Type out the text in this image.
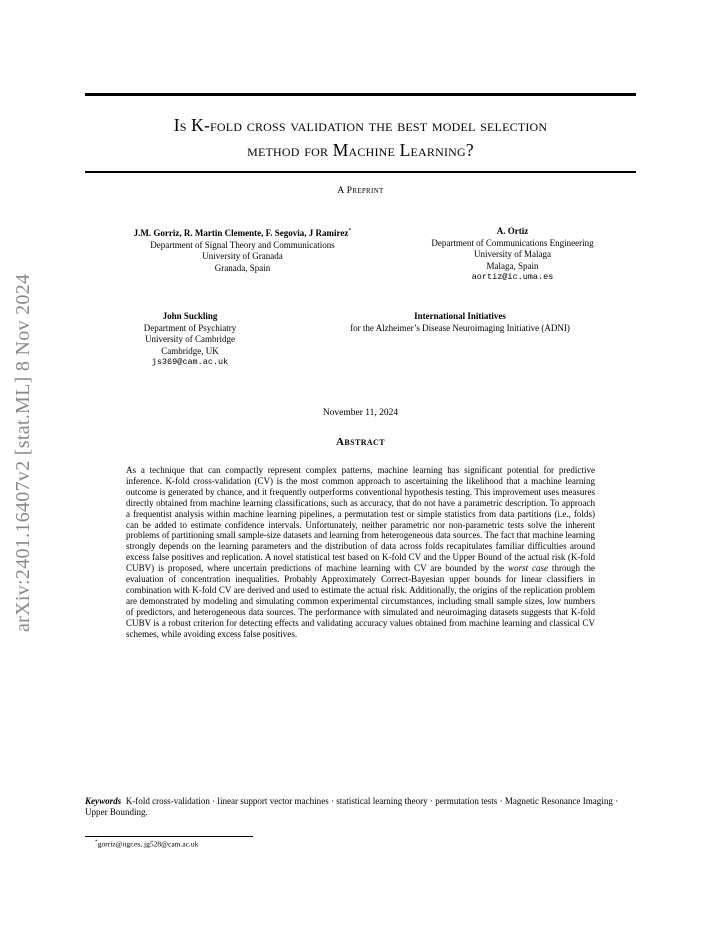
arXiv:2401.16407v2 [stat.ML] 8 Nov 2024
Is K-fold cross validation the best model selection
method for Machine Learning?
A Preprint
J.M. Gorriz, R. Martin Clemente, F. Segovia, J Ramirez*
Department of Signal Theory and Communications
University of Granada
Granada, Spain
A. Ortiz
Department of Communications Engineering
University of Malaga
Malaga, Spain
aortiz@ic.uma.es
John Suckling
Department of Psychiatry
University of Cambridge
Cambridge, UK
js369@cam.ac.uk
International Initiatives
for the Alzheimer’s Disease Neuroimaging Initiative (ADNI)
November 11, 2024
Abstract
As a technique that can compactly represent complex patterns, machine learning has significant potential for predictive inference. K-fold cross-validation (CV) is the most common approach to ascertaining the likelihood that a machine learning outcome is generated by chance, and it frequently outperforms conventional hypothesis testing. This improvement uses measures directly obtained from machine learning classifications, such as accuracy, that do not have a parametric description. To approach a frequentist analysis within machine learning pipelines, a permutation test or simple statistics from data partitions (i.e., folds) can be added to estimate confidence intervals. Unfortunately, neither parametric nor non-parametric tests solve the inherent problems of partitioning small sample-size datasets and learning from heterogeneous data sources. The fact that machine learning strongly depends on the learning parameters and the distribution of data across folds recapitulates familiar difficulties around excess false positives and replication. A novel statistical test based on K-fold CV and the Upper Bound of the actual risk (K-fold CUBV) is proposed, where uncertain predictions of machine learning with CV are bounded by the worst case through the evaluation of concentration inequalities. Probably Approximately Correct-Bayesian upper bounds for linear classifiers in combination with K-fold CV are derived and used to estimate the actual risk. Additionally, the origins of the replication problem are demonstrated by modeling and simulating common experimental circumstances, including small sample sizes, low numbers of predictors, and heterogeneous data sources. The performance with simulated and neuroimaging datasets suggests that K-fold CUBV is a robust criterion for detecting effects and validating accuracy values obtained from machine learning and classical CV schemes, while avoiding excess false positives.
Keywords K-fold cross-validation · linear support vector machines · statistical learning theory · permutation tests · Magnetic Resonance Imaging · Upper Bounding.
*gorriz@ugr.es, jg528@cam.ac.uk
